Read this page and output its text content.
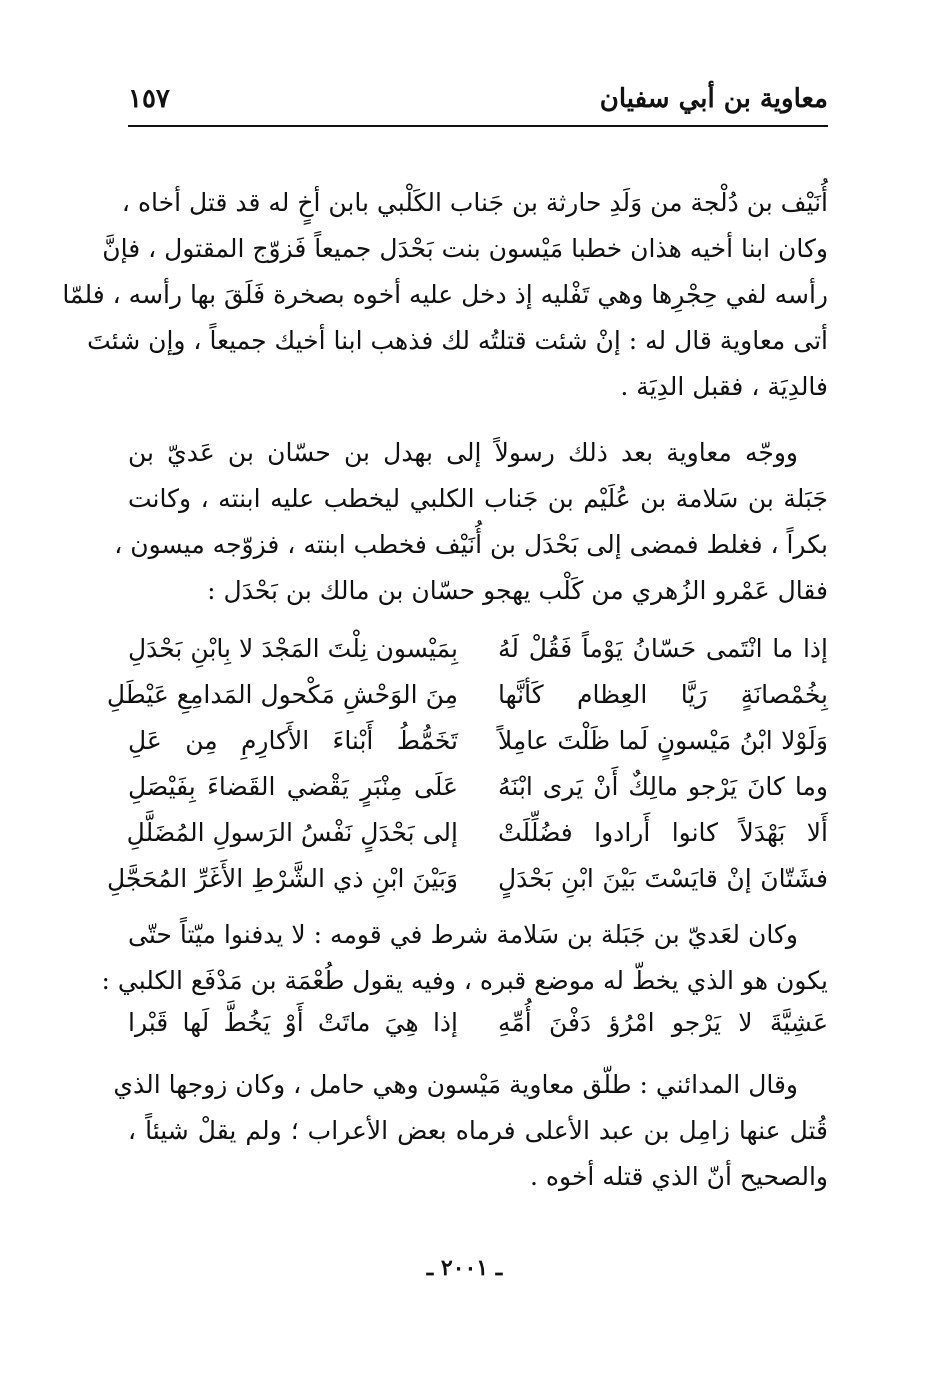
معاوية بن أبي سفيان
١٥٧
أُنَيْف بن دُلْجة من وَلَدِ حارثة بن جَناب الكَلْبي بابن أخٍ له قد قتل أخاه ،
وكان ابنا أخيه هذان خطبا مَيْسون بنت بَحْدَل جميعاً فَزوّج المقتول ، فإنَّ
رأسه لفي حِجْرِها وهي تَفْليه إذ دخل عليه أخوه بصخرة فَلَقَ بها رأسه ، فلمّا
أتى معاوية قال له : إنْ شئت قتلتُه لك فذهب ابنا أخيك جميعاً ، وإن شئتَ
فالدِيَة ، فقبل الدِيَة .
ووجّه معاوية بعد ذلك رسولاً إلى بهدل بن حسّان بن عَديّ بن
جَبَلة بن سَلامة بن عُلَيْم بن جَناب الكلبي ليخطب عليه ابنته ، وكانت
بكراً ، فغلط فمضى إلى بَحْدَل بن أُنَيْف فخطب ابنته ، فزوّجه ميسون ،
فقال عَمْرو الزُهري من كَلْب يهجو حسّان بن مالك بن بَحْدَل :
إذا ما انْتَمى حَسّانُ يَوْماً فَقُلْ لَهُ
بِمَيْسون نِلْتَ المَجْدَ لا بِابْنِ بَحْدَلِ
بِخُمْصانَةٍ رَيَّا العِظام كَأنَّها
مِنَ الوَحْشِ مَكْحول المَدامِعِ عَيْطَلِ
وَلَوْلا ابْنُ مَيْسونٍ لَما ظَلْتَ عامِلاً
تَخَمُّطُ أَبْناءَ الأَكارِمِ مِن عَلِ
وما كانَ يَرْجو مالِكٌ أَنْ يَرى ابْنَهُ
عَلَى مِنْبَرٍ يَقْضي القَضاءَ بِفَيْصَلِ
أَلا بَهْدَلاً كانوا أَرادوا فضُلِّلَتْ
إلى بَحْدَلٍ نَفْسُ الرَسولِ المُضَلَّلِ
فشَتّانَ إنْ قايَسْتَ بَيْنَ ابْنِ بَحْدَلٍ
وَبَيْنَ ابْنِ ذي الشَّرْطِ الأَغَرِّ المُحَجَّلِ
وكان لعَديّ بن جَبَلة بن سَلامة شرط في قومه : لا يدفنوا ميّتاً حتّى
يكون هو الذي يخطّ له موضع قبره ، وفيه يقول طُعْمَة بن مَدْفَع الكلبي :
عَشِيَّةَ لا يَرْجو امْرُؤ دَفْنَ أُمِّهِ
إذا هِيَ ماتَتْ أَوْ يَخُطَّ لَها قَبْرا
وقال المدائني : طلّق معاوية مَيْسون وهي حامل ، وكان زوجها الذي
قُتل عنها زامِل بن عبد الأعلى فرماه بعض الأعراب ؛ ولم يقلْ شيئاً ،
والصحيح أنّ الذي قتله أخوه .
ـ ٢٠٠١ ـ
